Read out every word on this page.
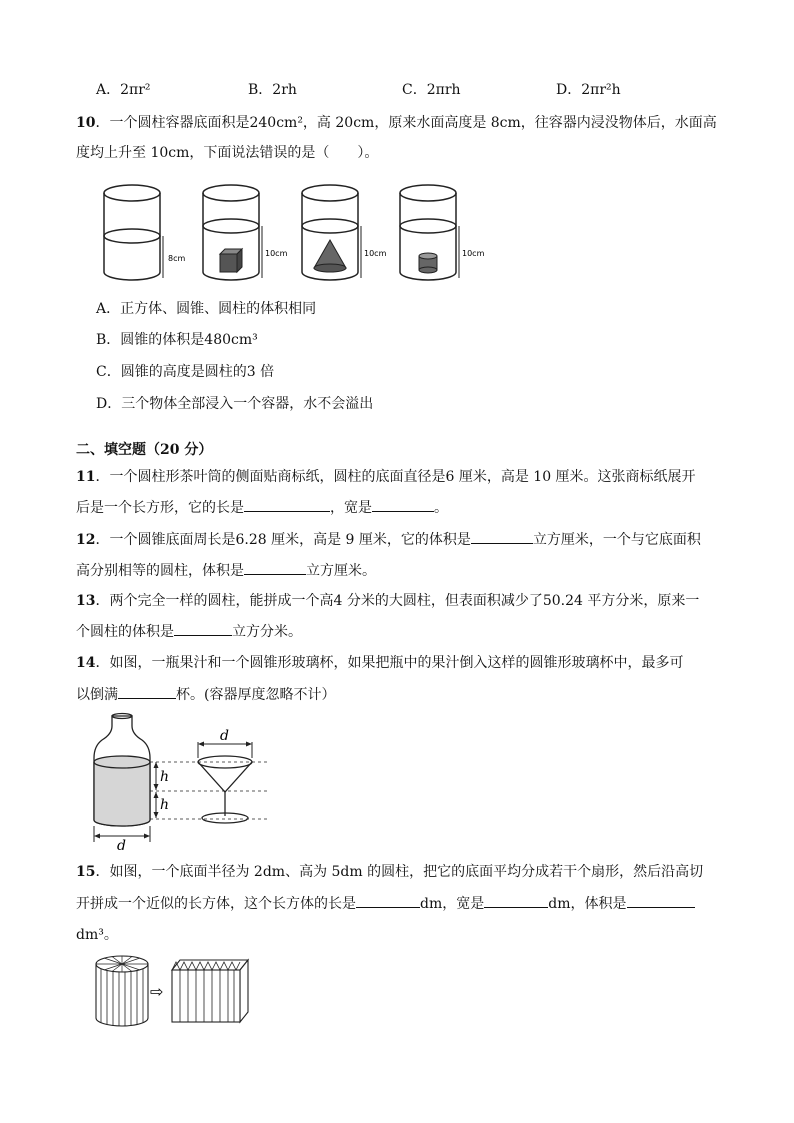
A．2πr²	B．2rh	C．2πrh	D．2πr²h
10．一个圆柱容器底面积是240cm²，高 20cm，原来水面高度是 8cm，往容器内浸没物体后，水面高
度均上升至 10cm，下面说法错误的是（　　）。
8cm
10cm	10cm	10cm
A．正方体、圆锥、圆柱的体积相同
B．圆锥的体积是480cm³
C．圆锥的高度是圆柱的3 倍
D．三个物体全部浸入一个容器，水不会溢出
二、填空题（20 分）
11．一个圆柱形茶叶筒的侧面贴商标纸，圆柱的底面直径是6 厘米，高是 10 厘米。这张商标纸展开
后是一个长方形，它的长是	，宽是	。
12．一个圆锥底面周长是6.28 厘米，高是 9 厘米，它的体积是	立方厘米，一个与它底面积
高分别相等的圆柱，体积是	立方厘米。
13．两个完全一样的圆柱，能拼成一个高4 分米的大圆柱，但表面积减少了50.24 平方分米，原来一
个圆柱的体积是	立方分米。
14．如图，一瓶果汁和一个圆锥形玻璃杯，如果把瓶中的果汁倒入这样的圆锥形玻璃杯中，最多可
以倒满	杯。(容器厚度忽略不计）
d
h
h
d
15．如图，一个底面半径为 2dm、高为 5dm 的圆柱，把它的底面平均分成若干个扇形，然后沿高切
开拼成一个近似的长方体，这个长方体的长是	dm，宽是	dm，体积是
dm³。
⇨
